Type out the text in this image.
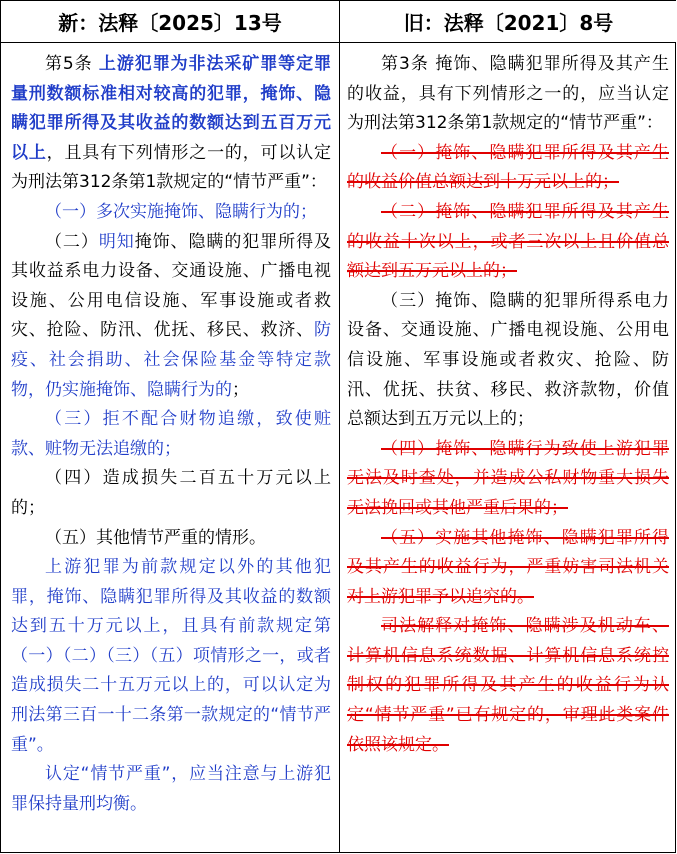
新：法释〔2025〕13号	旧：法释〔2021〕8号

第5条 上游犯罪为非法采矿罪等定罪量刑数额标准相对较高的犯罪，掩饰、隐瞒犯罪所得及其收益的数额达到五百万元以上，且具有下列情形之一的，可以认定为刑法第312条第1款规定的“情节严重”：

（一）多次实施掩饰、隐瞒行为的；

（二）明知掩饰、隐瞒的犯罪所得及其收益系电力设备、交通设施、广播电视设施、公用电信设施、军事设施或者救灾、抢险、防汛、优抚、移民、救济、防疫、社会捐助、社会保险基金等特定款物，仍实施掩饰、隐瞒行为的；

（三）拒不配合财物追缴，致使赃款、赃物无法追缴的；

（四）造成损失二百五十万元以上的；

（五）其他情节严重的情形。

上游犯罪为前款规定以外的其他犯罪，掩饰、隐瞒犯罪所得及其收益的数额达到五十万元以上，且具有前款规定第（一）（二）（三）（五）项情形之一，或者造成损失二十五万元以上的，可以认定为刑法第三百一十二条第一款规定的“情节严重”。

认定“情节严重”，应当注意与上游犯罪保持量刑均衡。

第3条 掩饰、隐瞒犯罪所得及其产生的收益，具有下列情形之一的，应当认定为刑法第312条第1款规定的“情节严重”：

（一）掩饰、隐瞒犯罪所得及其产生的收益价值总额达到十万元以上的；

（二）掩饰、隐瞒犯罪所得及其产生的收益十次以上，或者三次以上且价值总额达到五万元以上的；

（三）掩饰、隐瞒的犯罪所得系电力设备、交通设施、广播电视设施、公用电信设施、军事设施或者救灾、抢险、防汛、优抚、扶贫、移民、救济款物，价值总额达到五万元以上的；

（四）掩饰、隐瞒行为致使上游犯罪无法及时查处，并造成公私财物重大损失无法挽回或其他严重后果的；

（五）实施其他掩饰、隐瞒犯罪所得及其产生的收益行为，严重妨害司法机关对上游犯罪予以追究的。

司法解释对掩饰、隐瞒涉及机动车、计算机信息系统数据、计算机信息系统控制权的犯罪所得及其产生的收益行为认定“情节严重”已有规定的，审理此类案件依照该规定。
